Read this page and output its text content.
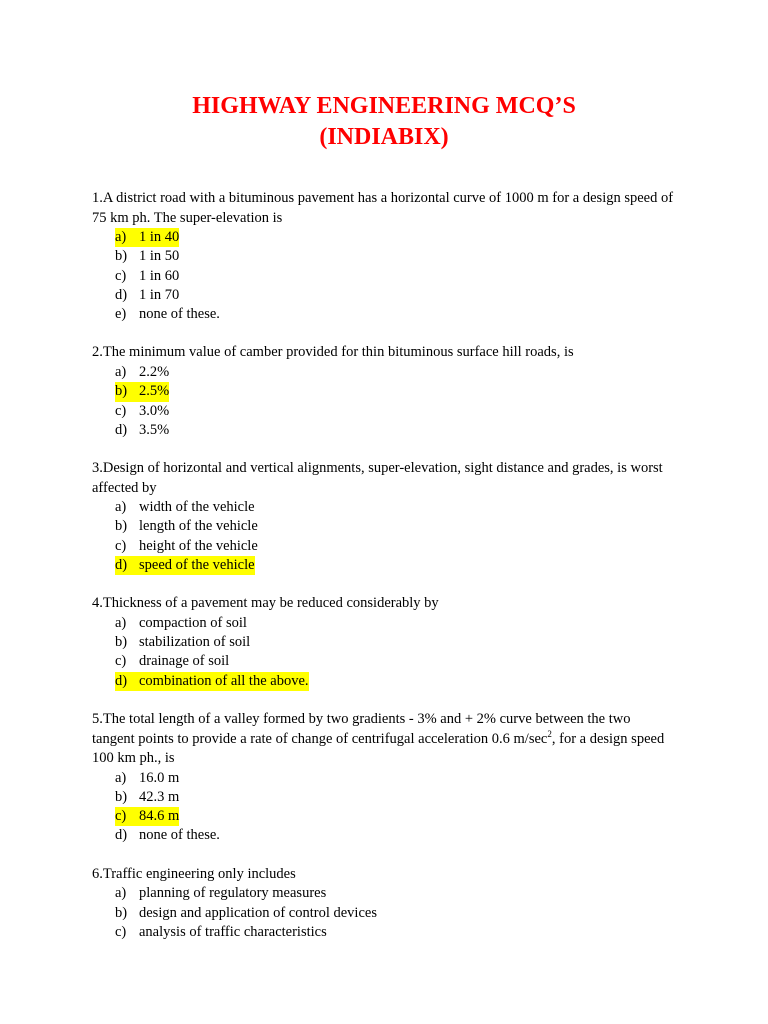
HIGHWAY ENGINEERING MCQ’S
(INDIABIX)

1.A district road with a bituminous pavement has a horizontal curve of 1000 m for a design speed of 75 km ph. The super-elevation is

a) 1 in 40
b) 1 in 50
c) 1 in 60
d) 1 in 70
e) none of these.

2.The minimum value of camber provided for thin bituminous surface hill roads, is

a) 2.2%
b) 2.5%
c) 3.0%
d) 3.5%

3.Design of horizontal and vertical alignments, super-elevation, sight distance and grades, is worst affected by

a) width of the vehicle
b) length of the vehicle
c) height of the vehicle
d) speed of the vehicle

4.Thickness of a pavement may be reduced considerably by

a) compaction of soil
b) stabilization of soil
c) drainage of soil
d) combination of all the above.

5.The total length of a valley formed by two gradients - 3% and + 2% curve between the two tangent points to provide a rate of change of centrifugal acceleration 0.6 $m/\sec^2$, for a design speed 100 km ph., is

a) 16.0 m
b) 42.3 m
c) 84.6 m
d) none of these.

6.Traffic engineering only includes

a) planning of regulatory measures
b) design and application of control devices
c) analysis of traffic characteristics
